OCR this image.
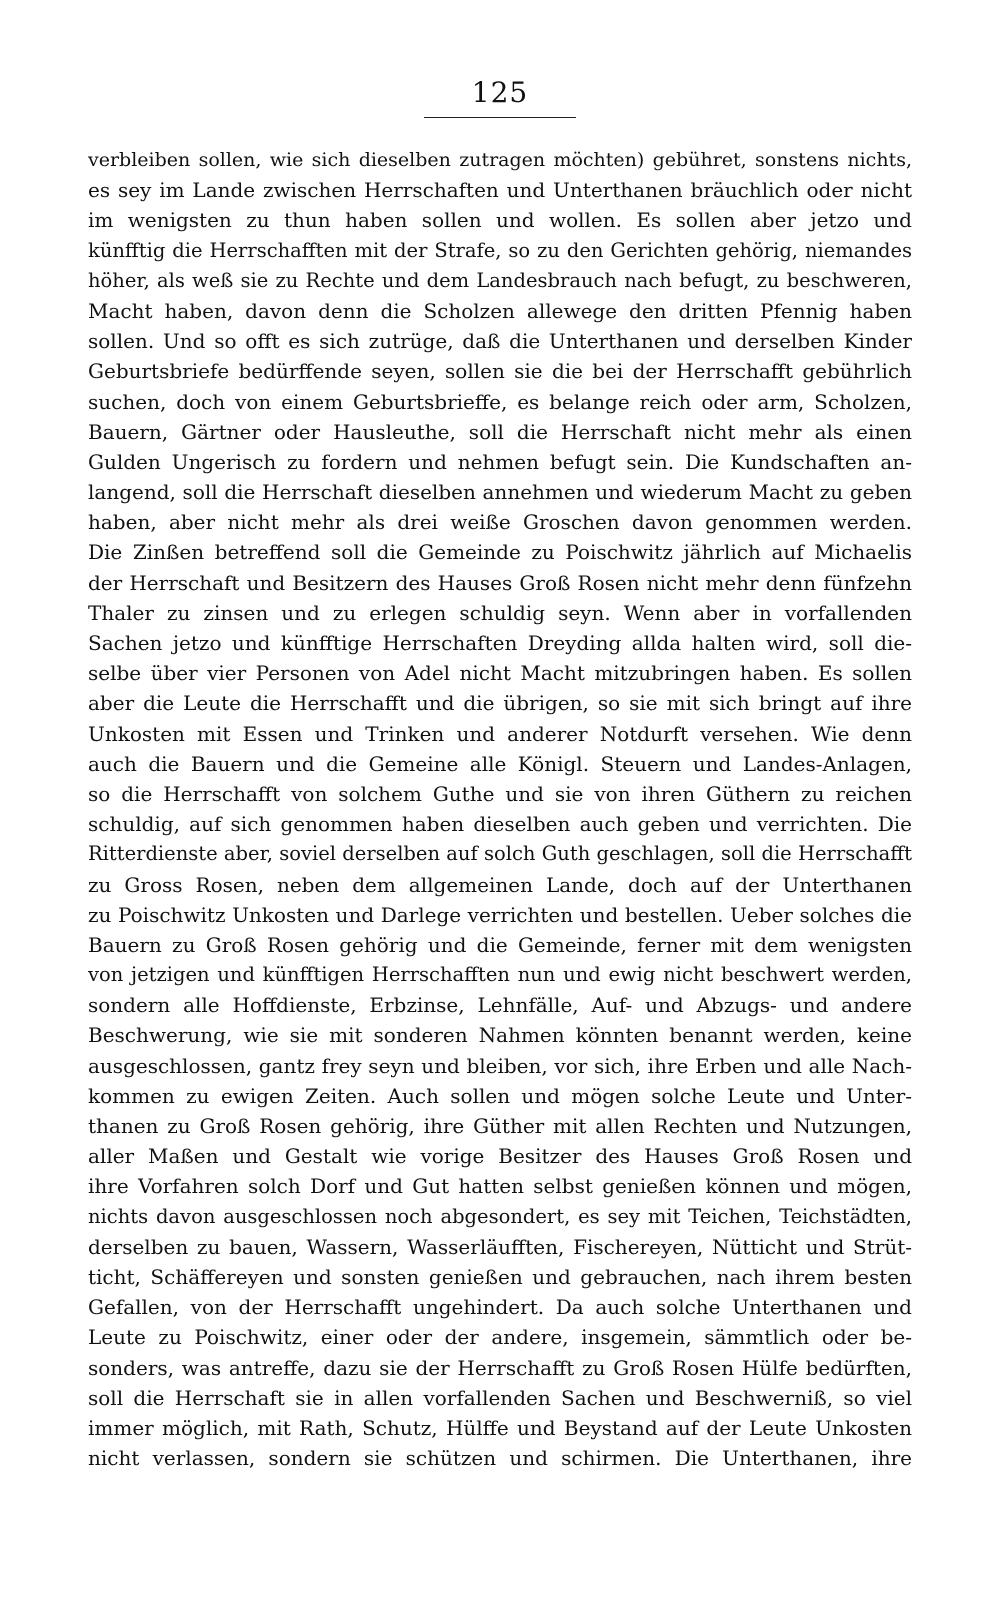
125
verbleiben sollen, wie sich dieselben zutragen möchten) gebühret, sonstens nichts,
es sey im Lande zwischen Herrschaften und Unterthanen bräuchlich oder nicht
im wenigsten zu thun haben sollen und wollen. Es sollen aber jetzo und
künfftig die Herrschafften mit der Strafe, so zu den Gerichten gehörig, niemandes
höher, als weß sie zu Rechte und dem Landesbrauch nach befugt, zu beschweren,
Macht haben, davon denn die Scholzen allewege den dritten Pfennig haben
sollen. Und so offt es sich zutrüge, daß die Unterthanen und derselben Kinder
Geburtsbriefe bedürffende seyen, sollen sie die bei der Herrschafft gebührlich
suchen, doch von einem Geburtsbrieffe, es belange reich oder arm, Scholzen,
Bauern, Gärtner oder Hausleuthe, soll die Herrschaft nicht mehr als einen
Gulden Ungerisch zu fordern und nehmen befugt sein. Die Kundschaften an-
langend, soll die Herrschaft dieselben annehmen und wiederum Macht zu geben
haben, aber nicht mehr als drei weiße Groschen davon genommen werden.
Die Zinßen betreffend soll die Gemeinde zu Poischwitz jährlich auf Michaelis
der Herrschaft und Besitzern des Hauses Groß Rosen nicht mehr denn fünfzehn
Thaler zu zinsen und zu erlegen schuldig seyn. Wenn aber in vorfallenden
Sachen jetzo und künfftige Herrschaften Dreyding allda halten wird, soll die-
selbe über vier Personen von Adel nicht Macht mitzubringen haben. Es sollen
aber die Leute die Herrschafft und die übrigen, so sie mit sich bringt auf ihre
Unkosten mit Essen und Trinken und anderer Notdurft versehen. Wie denn
auch die Bauern und die Gemeine alle Königl. Steuern und Landes-Anlagen,
so die Herrschafft von solchem Guthe und sie von ihren Güthern zu reichen
schuldig, auf sich genommen haben dieselben auch geben und verrichten. Die
Ritterdienste aber, soviel derselben auf solch Guth geschlagen, soll die Herrschafft
zu Gross Rosen, neben dem allgemeinen Lande, doch auf der Unterthanen
zu Poischwitz Unkosten und Darlege verrichten und bestellen. Ueber solches die
Bauern zu Groß Rosen gehörig und die Gemeinde, ferner mit dem wenigsten
von jetzigen und künfftigen Herrschafften nun und ewig nicht beschwert werden,
sondern alle Hoffdienste, Erbzinse, Lehnfälle, Auf- und Abzugs- und andere
Beschwerung, wie sie mit sonderen Nahmen könnten benannt werden, keine
ausgeschlossen, gantz frey seyn und bleiben, vor sich, ihre Erben und alle Nach-
kommen zu ewigen Zeiten. Auch sollen und mögen solche Leute und Unter-
thanen zu Groß Rosen gehörig, ihre Güther mit allen Rechten und Nutzungen,
aller Maßen und Gestalt wie vorige Besitzer des Hauses Groß Rosen und
ihre Vorfahren solch Dorf und Gut hatten selbst genießen können und mögen,
nichts davon ausgeschlossen noch abgesondert, es sey mit Teichen, Teichstädten,
derselben zu bauen, Wassern, Wasserläufften, Fischereyen, Nütticht und Strüt-
ticht, Schäffereyen und sonsten genießen und gebrauchen, nach ihrem besten
Gefallen, von der Herrschafft ungehindert. Da auch solche Unterthanen und
Leute zu Poischwitz, einer oder der andere, insgemein, sämmtlich oder be-
sonders, was antreffe, dazu sie der Herrschafft zu Groß Rosen Hülfe bedürften,
soll die Herrschaft sie in allen vorfallenden Sachen und Beschwerniß, so viel
immer möglich, mit Rath, Schutz, Hülffe und Beystand auf der Leute Unkosten
nicht verlassen, sondern sie schützen und schirmen. Die Unterthanen, ihre
